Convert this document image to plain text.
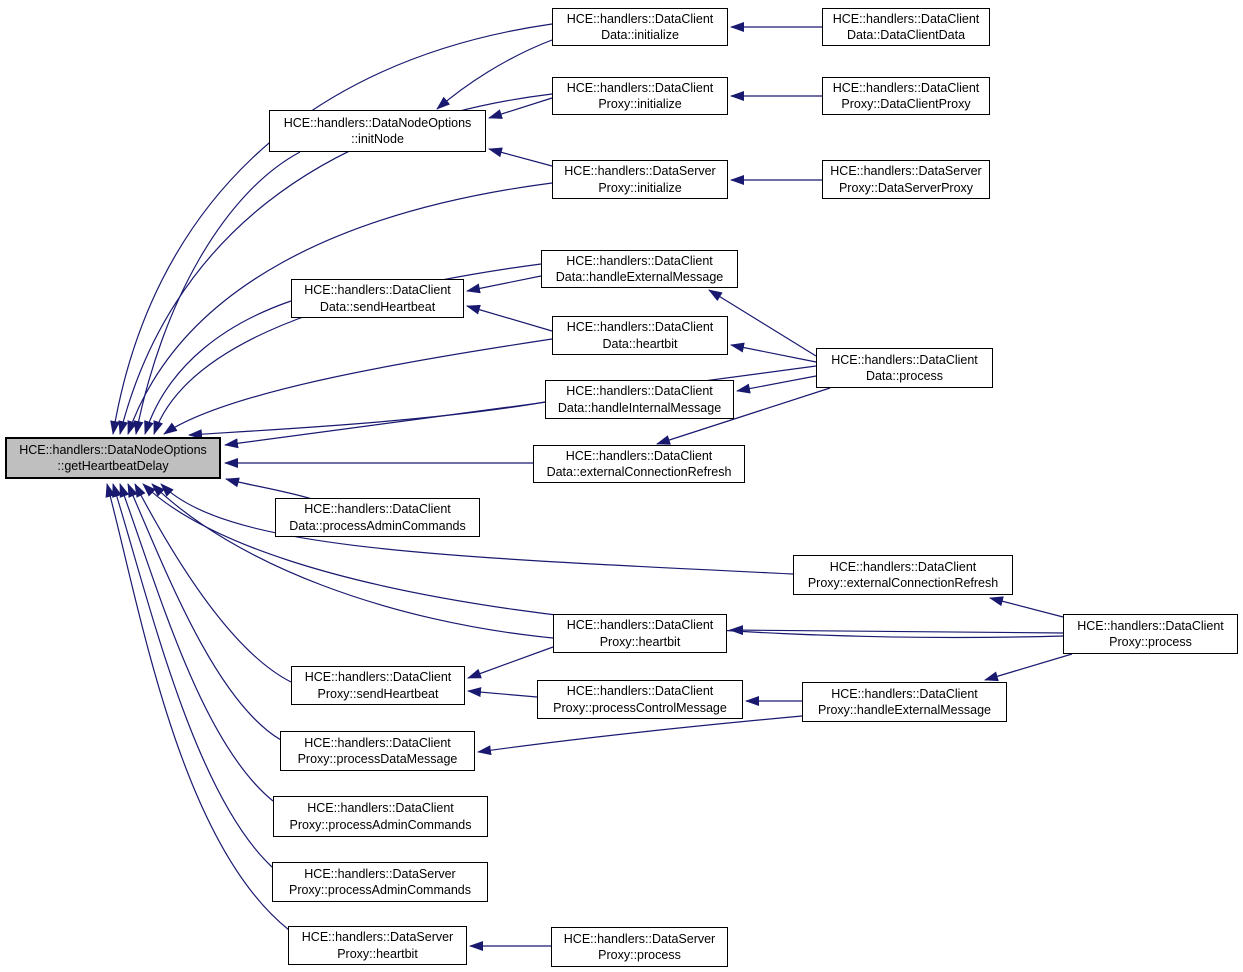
HCE::handlers::DataNodeOptions
::getHeartbeatDelay
HCE::handlers::DataNodeOptions
::initNode
HCE::handlers::DataClient
Data::initialize
HCE::handlers::DataClient
Data::DataClientData
HCE::handlers::DataClient
Proxy::initialize
HCE::handlers::DataClient
Proxy::DataClientProxy
HCE::handlers::DataServer
Proxy::initialize
HCE::handlers::DataServer
Proxy::DataServerProxy
HCE::handlers::DataClient
Data::sendHeartbeat
HCE::handlers::DataClient
Data::handleExternalMessage
HCE::handlers::DataClient
Data::heartbit
HCE::handlers::DataClient
Data::handleInternalMessage
HCE::handlers::DataClient
Data::process
HCE::handlers::DataClient
Data::externalConnectionRefresh
HCE::handlers::DataClient
Data::processAdminCommands
HCE::handlers::DataClient
Proxy::externalConnectionRefresh
HCE::handlers::DataClient
Proxy::heartbit
HCE::handlers::DataClient
Proxy::process
HCE::handlers::DataClient
Proxy::sendHeartbeat	HCE::handlers::DataClient
Proxy::processControlMessage
HCE::handlers::DataClient
Proxy::handleExternalMessage
HCE::handlers::DataClient
Proxy::processDataMessage
HCE::handlers::DataClient
Proxy::processAdminCommands
HCE::handlers::DataServer
Proxy::processAdminCommands
HCE::handlers::DataServer
Proxy::heartbit
HCE::handlers::DataServer
Proxy::process
